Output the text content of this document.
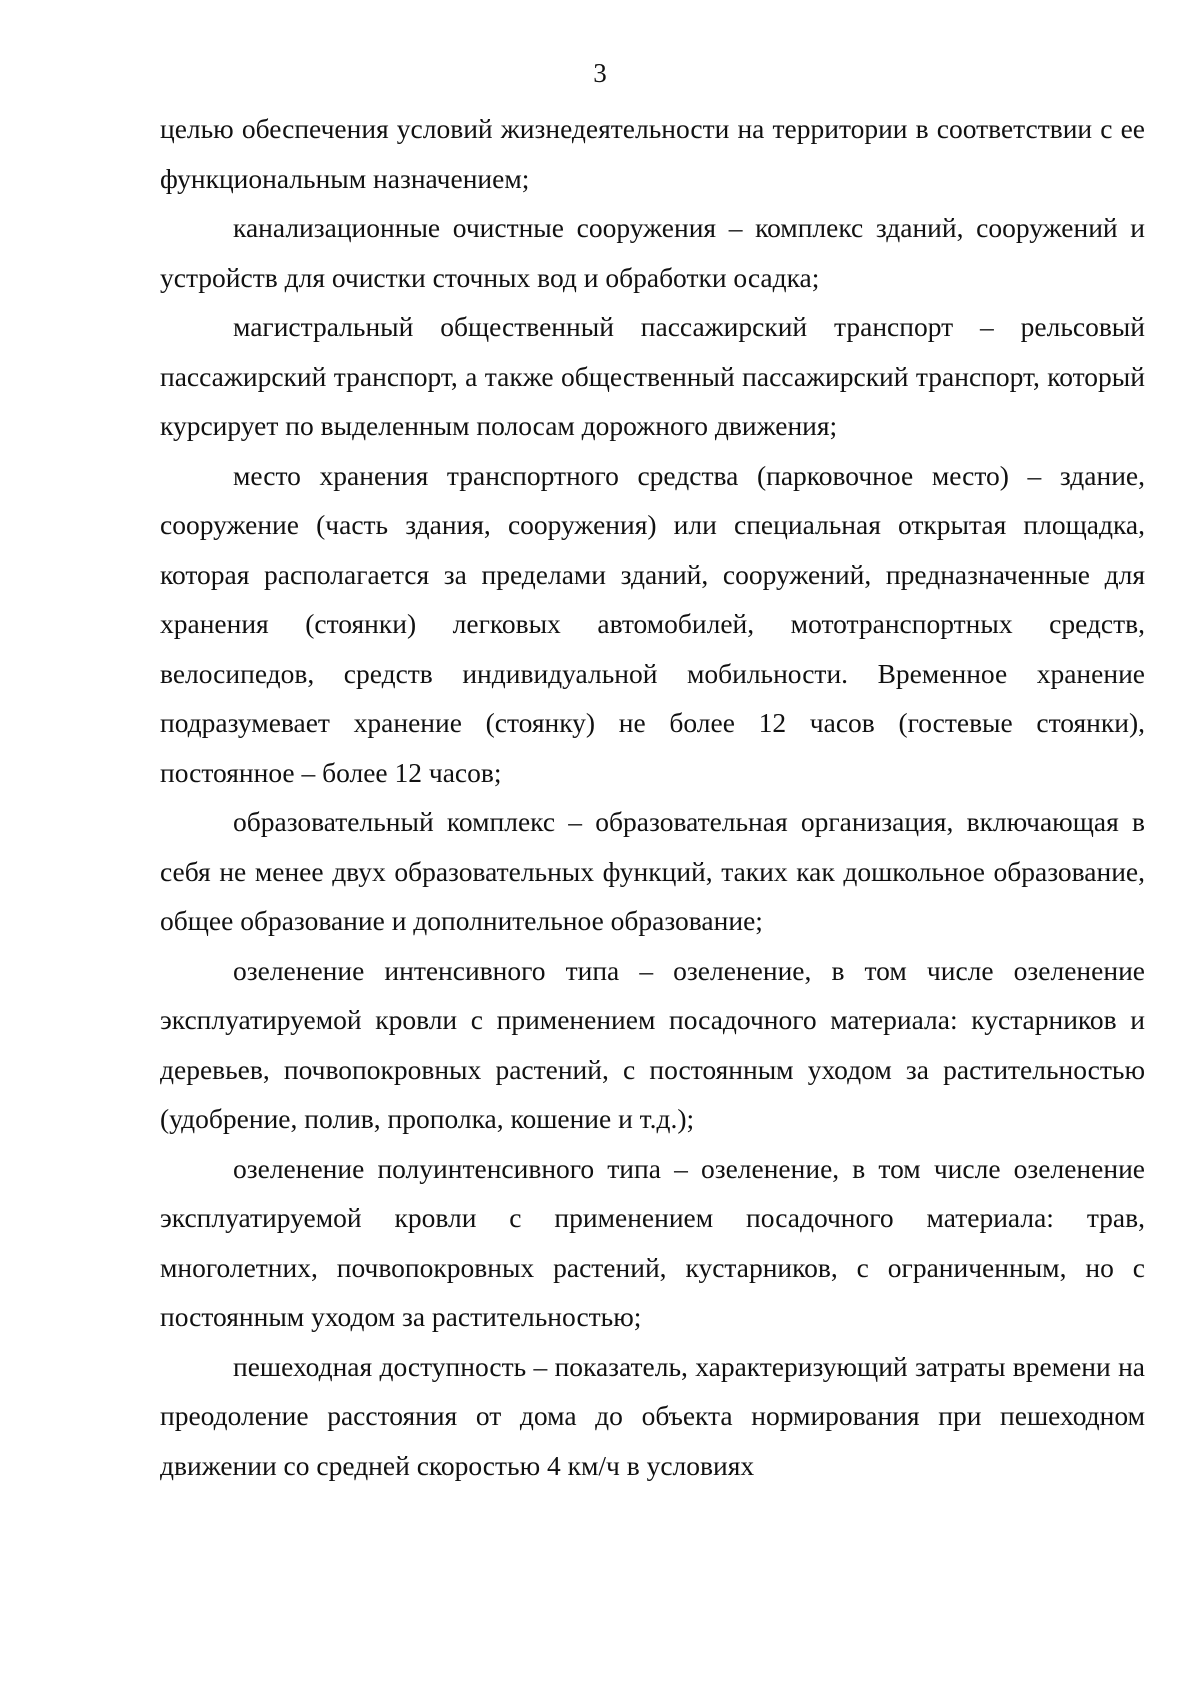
3

целью обеспечения условий жизнедеятельности на территории в соответствии с ее функциональным назначением;

канализационные очистные сооружения – комплекс зданий, сооружений и устройств для очистки сточных вод и обработки осадка;

магистральный общественный пассажирский транспорт – рельсовый пассажирский транспорт, а также общественный пассажирский транспорт, который курсирует по выделенным полосам дорожного движения;

место хранения транспортного средства (парковочное место) – здание, сооружение (часть здания, сооружения) или специальная открытая площадка, которая располагается за пределами зданий, сооружений, предназначенные для хранения (стоянки) легковых автомобилей, мототранспортных средств, велосипедов, средств индивидуальной мобильности. Временное хранение подразумевает хранение (стоянку) не более 12 часов (гостевые стоянки), постоянное – более 12 часов;

образовательный комплекс – образовательная организация, включающая в себя не менее двух образовательных функций, таких как дошкольное образование, общее образование и дополнительное образование;

озеленение интенсивного типа – озеленение, в том числе озеленение эксплуатируемой кровли с применением посадочного материала: кустарников и деревьев, почвопокровных растений, с постоянным уходом за растительностью (удобрение, полив, прополка, кошение и т.д.);

озеленение полуинтенсивного типа – озеленение, в том числе озеленение эксплуатируемой кровли с применением посадочного материала: трав, многолетних, почвопокровных растений, кустарников, с ограниченным, но с постоянным уходом за растительностью;

пешеходная доступность – показатель, характеризующий затраты времени на преодоление расстояния от дома до объекта нормирования при пешеходном движении со средней скоростью 4 км/ч в условиях
